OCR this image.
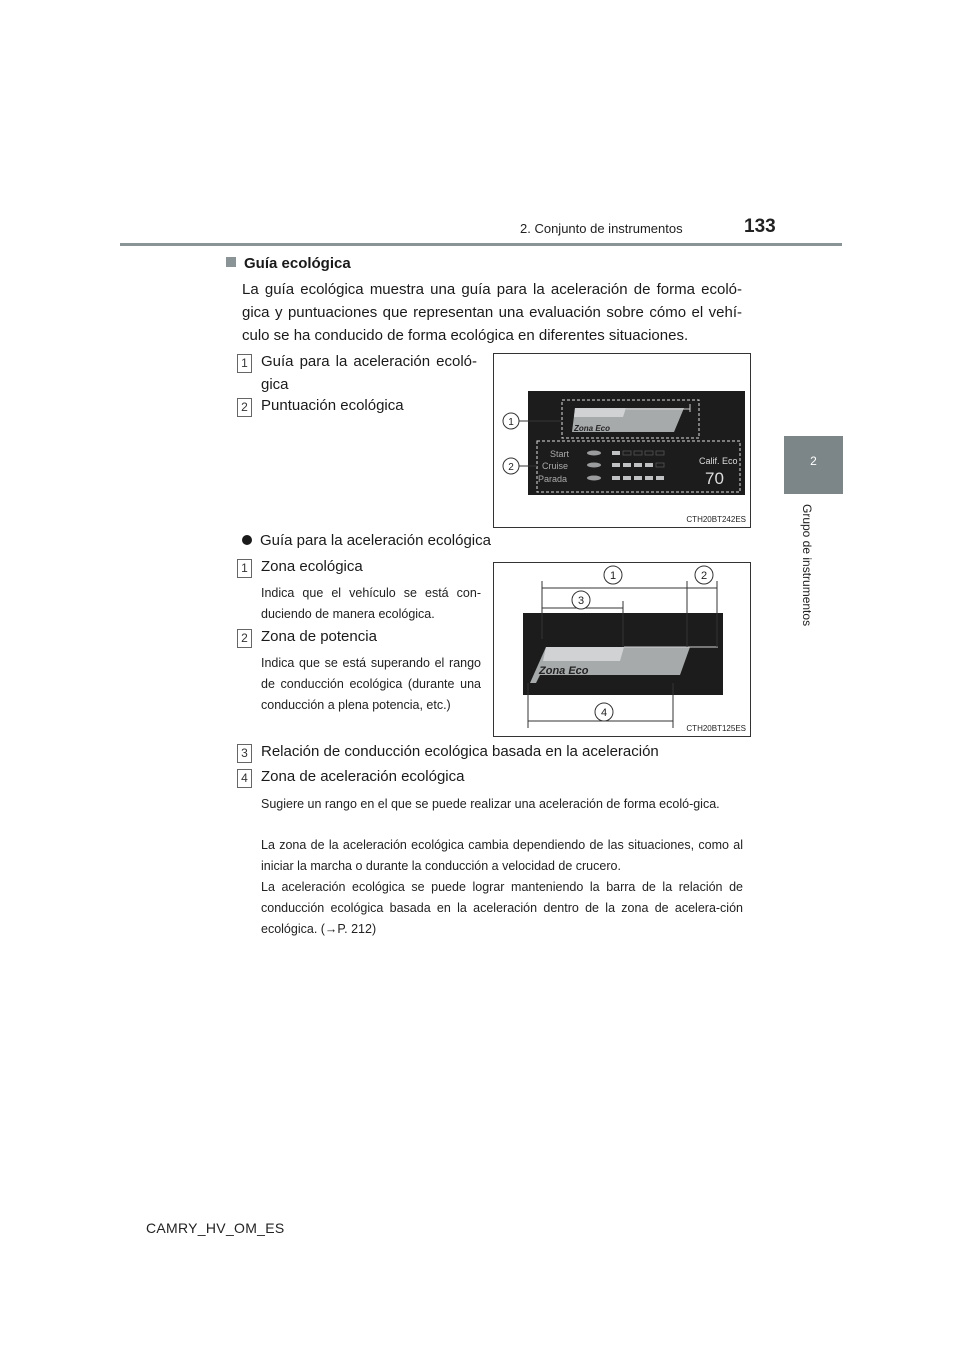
2. Conjunto de instrumentos	133
2
Grupo de instrumentos
Guía ecológica
La guía ecológica muestra una guía para la aceleración de forma ecoló-gica y puntuaciones que representan una evaluación sobre cómo el vehí-culo se ha conducido de forma ecológica en diferentes situaciones.
1 Guía para la aceleración ecoló-gica
2 Puntuación ecológica
Zona Eco
Start
Cruise
Parada
Calif. Eco
70
1
2
CTH20BT242ES
Guía para la aceleración ecológica
1 Zona ecológica
Indica que el vehículo se está con-duciendo de manera ecológica.
2 Zona de potencia
Indica que se está superando el rango de conducción ecológica (durante una conducción a plena potencia, etc.)
Zona Eco
1	2
3
4
CTH20BT125ES
3 Relación de conducción ecológica basada en la aceleración
4 Zona de aceleración ecológica
Sugiere un rango en el que se puede realizar una aceleración de forma ecoló-gica.
La zona de la aceleración ecológica cambia dependiendo de las situaciones, como al iniciar la marcha o durante la conducción a velocidad de crucero.
La aceleración ecológica se puede lograr manteniendo la barra de la relación de conducción ecológica basada en la aceleración dentro de la zona de acelera-ción ecológica. (→P. 212)
CAMRY_HV_OM_ES
